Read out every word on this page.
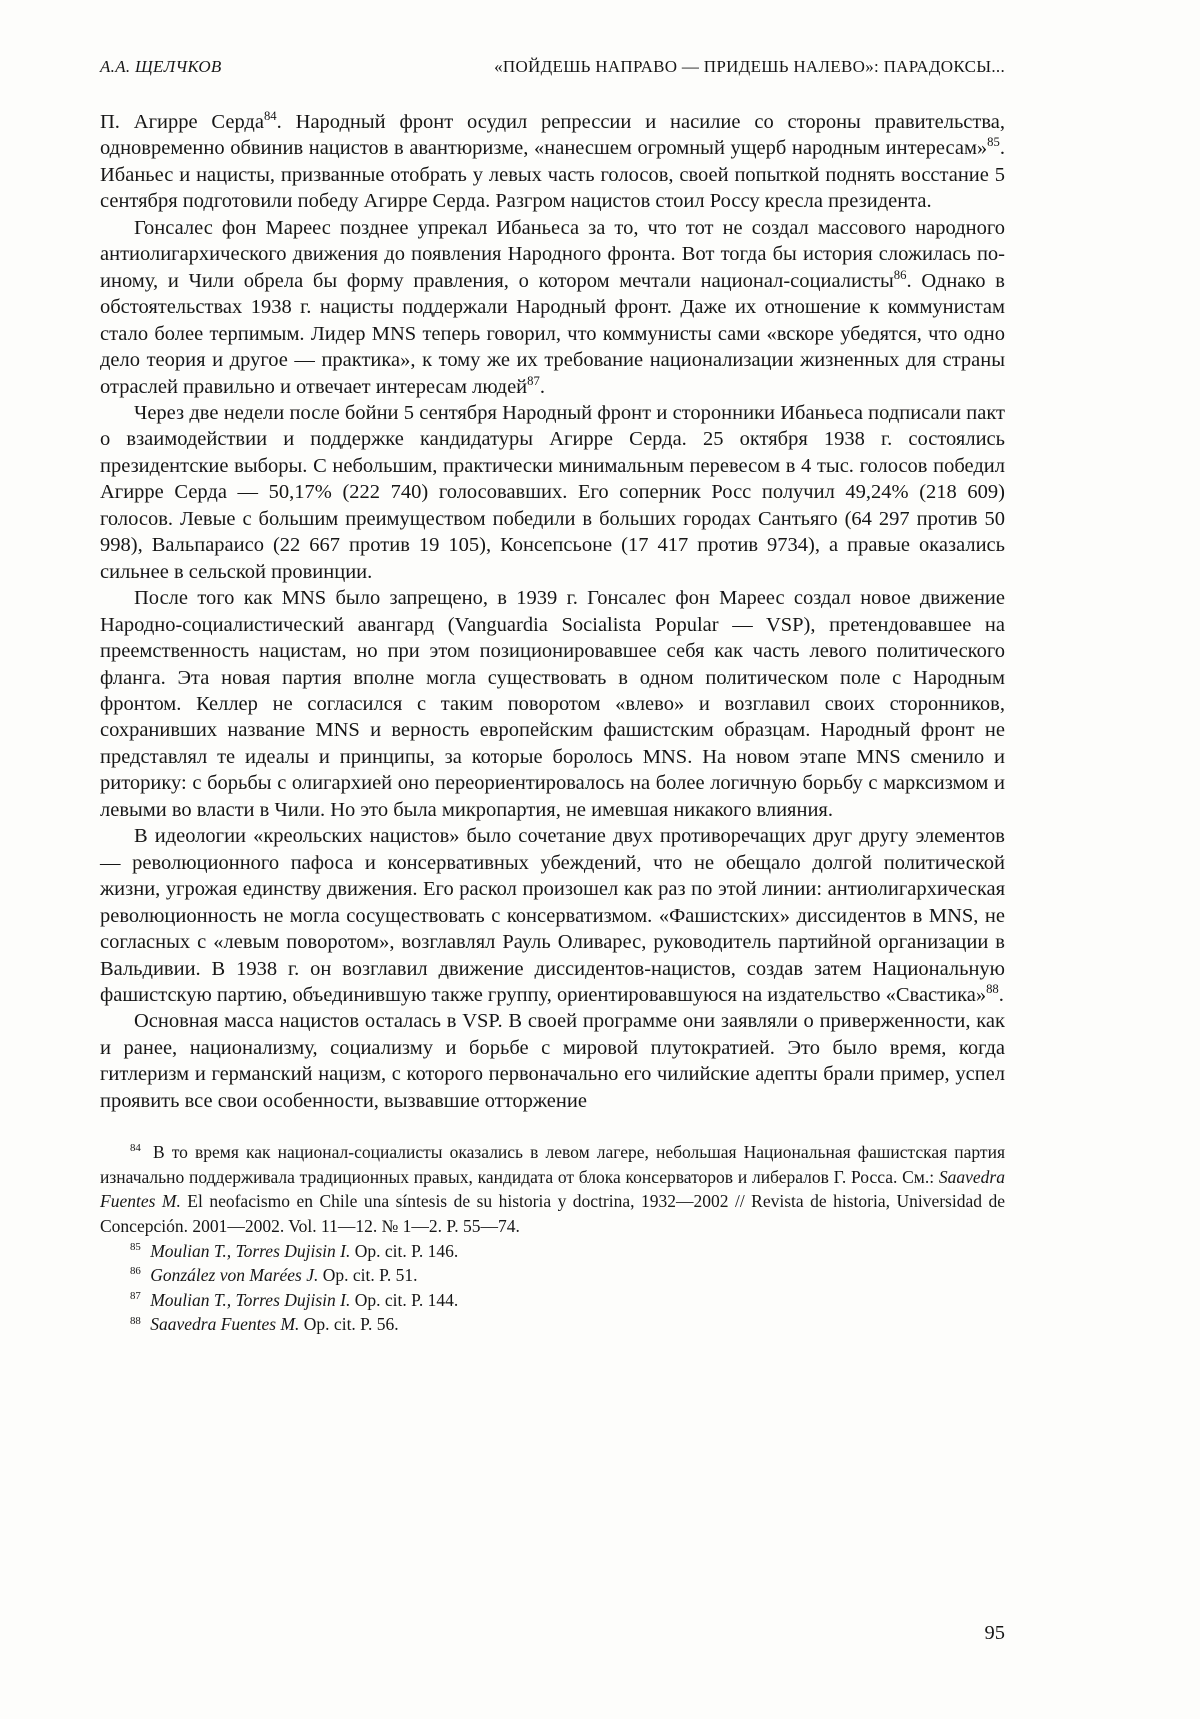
А.А. ЩЕЛЧКОВ	«ПОЙДЕШЬ НАПРАВО — ПРИДЕШЬ НАЛЕВО»: ПАРАДОКСЫ...

П. Агирре Серда$^{84}$. Народный фронт осудил репрессии и насилие со стороны правительства, одновременно обвинив нацистов в авантюризме, «нанесшем огромный ущерб народным интересам»$^{85}$. Ибаньес и нацисты, призванные отобрать у левых часть голосов, своей попыткой поднять восстание 5 сентября подготовили победу Агирре Серда. Разгром нацистов стоил Россу кресла президента.

Гонсалес фон Мареес позднее упрекал Ибаньеса за то, что тот не создал массового народного антиолигархического движения до появления Народного фронта. Вот тогда бы история сложилась по-иному, и Чили обрела бы форму правления, о котором мечтали национал-социалисты$^{86}$. Однако в обстоятельствах 1938 г. нацисты поддержали Народный фронт. Даже их отношение к коммунистам стало более терпимым. Лидер MNS теперь говорил, что коммунисты сами «вскоре убедятся, что одно дело теория и другое — практика», к тому же их требование национализации жизненных для страны отраслей правильно и отвечает интересам людей$^{87}$.

Через две недели после бойни 5 сентября Народный фронт и сторонники Ибаньеса подписали пакт о взаимодействии и поддержке кандидатуры Агирре Серда. 25 октября 1938 г. состоялись президентские выборы. С небольшим, практически минимальным перевесом в 4 тыс. голосов победил Агирре Серда — 50,17% (222 740) голосовавших. Его соперник Росс получил 49,24% (218 609) голосов. Левые с большим преимуществом победили в больших городах Сантьяго (64 297 против 50 998), Вальпараисо (22 667 против 19 105), Консепсьоне (17 417 против 9734), а правые оказались сильнее в сельской провинции.

После того как MNS было запрещено, в 1939 г. Гонсалес фон Мареес создал новое движение Народно-социалистический авангард (Vanguardia Socialista Popular — VSP), претендовавшее на преемственность нацистам, но при этом позиционировавшее себя как часть левого политического фланга. Эта новая партия вполне могла существовать в одном политическом поле с Народным фронтом. Келлер не согласился с таким поворотом «влево» и возглавил своих сторонников, сохранивших название MNS и верность европейским фашистским образцам. Народный фронт не представлял те идеалы и принципы, за которые боролось MNS. На новом этапе MNS сменило и риторику: с борьбы с олигархией оно переориентировалось на более логичную борьбу с марксизмом и левыми во власти в Чили. Но это была микропартия, не имевшая никакого влияния.

В идеологии «креольских нацистов» было сочетание двух противоречащих друг другу элементов — революционного пафоса и консервативных убеждений, что не обещало долгой политической жизни, угрожая единству движения. Его раскол произошел как раз по этой линии: антиолигархическая революционность не могла сосуществовать с консерватизмом. «Фашистских» диссидентов в MNS, не согласных с «левым поворотом», возглавлял Рауль Оливарес, руководитель партийной организации в Вальдивии. В 1938 г. он возглавил движение диссидентов-нацистов, создав затем Национальную фашистскую партию, объединившую также группу, ориентировавшуюся на издательство «Свастика»$^{88}$.

Основная масса нацистов осталась в VSP. В своей программе они заявляли о приверженности, как и ранее, национализму, социализму и борьбе с мировой плутократией. Это было время, когда гитлеризм и германский нацизм, с которого первоначально его чилийские адепты брали пример, успел проявить все свои особенности, вызвавшие отторжение

$^{84}$ В то время как национал-социалисты оказались в левом лагере, небольшая Национальная фашистская партия изначально поддерживала традиционных правых, кандидата от блока консерваторов и либералов Г. Росса. См.: Saavedra Fuentes M. El neofacismo en Chile una síntesis de su historia y doctrina, 1932—2002 // Revista de historia, Universidad de Concepción. 2001—2002. Vol. 11—12. № 1—2. P. 55—74.

$^{85}$ Moulian T., Torres Dujisin I. Op. cit. P. 146.

$^{86}$ González von Marées J. Op. cit. P. 51.

$^{87}$ Moulian T., Torres Dujisin I. Op. cit. P. 144.

$^{88}$ Saavedra Fuentes M. Op. cit. P. 56.

95
